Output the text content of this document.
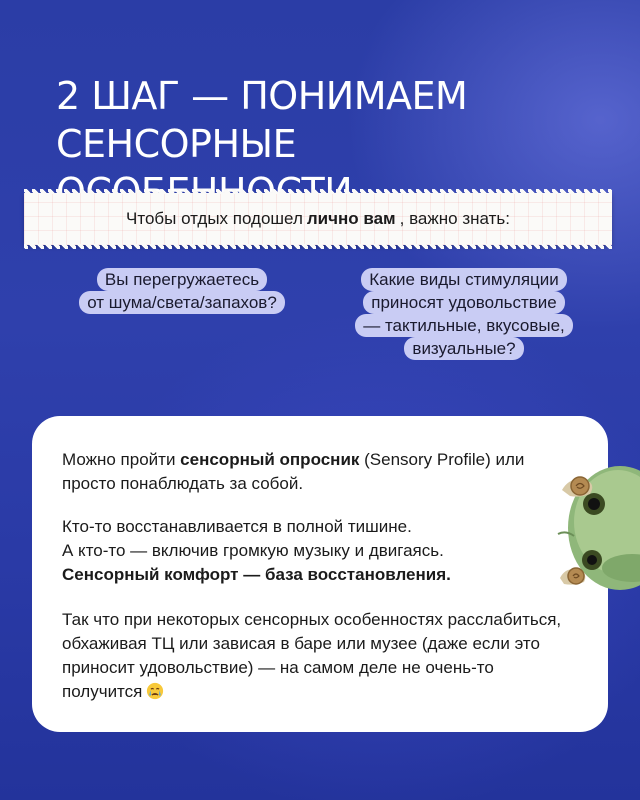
2 ШАГ — ПОНИМАЕМ
СЕНСОРНЫЕ
Чтобы отдых подошел лично вам , важно знать:
Вы перегружаетесь
от шума/света/запахов?
Какие виды стимуляции
приносят удовольствие
— тактильные, вкусовые,
визуальные?

Можно пройти сенсорный опросник (Sensory Profile) или просто понаблюдать за собой.

Кто-то восстанавливается в полной тишине.
А кто-то — включив громкую музыку и двигаясь.
Сенсорный комфорт — база восстановления.

Так что при некоторых сенсорных особенностях расслабиться, обхаживая ТЦ или зависая в баре или музее (даже если это приносит удовольствие) — на самом деле не очень-то получится
